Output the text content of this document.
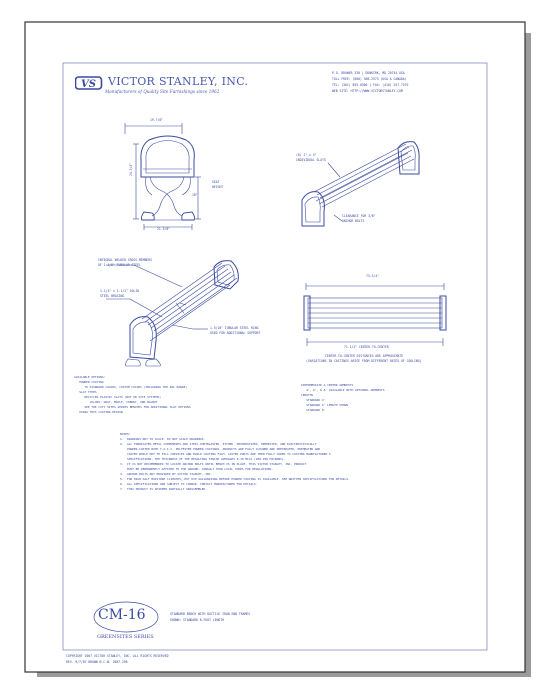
VS VICTOR STANLEY, INC.
Manufacturers of Quality Site Furnishings since 1962
P.O. DRAWER 330 | DUNKIRK, MD 20754 USA
TOLL FREE: (800) 368-2573 (USA & CANADA)
TEL: (301) 855-8300 | FAX: (410) 257-7579
WEB SITE: HTTP://WWW.VICTORSTANLEY.COM
19-7/8"
24-3/4"
18"
SEAT
HEIGHT
21-3/8"
(6) 2" x 3"
INDIVIDUAL SLATS
CLEARANCE FOR 3/8"
ANCHOR BOLTS
INTEGRAL WELDED CROSS-MEMBERS
OF 1-1/8" TUBULAR STEEL
1-1/4" x 1-1/2" SOLID
STEEL BRACING
1-5/16" TUBULAR STEEL RING
USED FOR ADDITIONAL SUPPORT
73-3/4"
71-1/2" CENTER-TO-CENTER
CENTER-TO-CENTER DISTANCES ARE APPROXIMATE
(VARIATIONS IN CASTINGS ARISE FROM DIFFERENT RATES OF COOLING)
AVAILABLE OPTIONS:
POWDER COATING
TO STANDARD COLORS, CUSTOM COLORS (INCLUDING THE RAL RANGE)
SLAT TYPES
RECYCLED PLASTIC SLATS (NOT ON SITE SYSTEMS)
COLORS: GRAY, MAPLE, CHERRY, AND WALNUT
SEE THE CITY SITES SERIES BENCHES FOR ADDITIONAL SLAT OPTIONS
USING THIS CASTING DESIGN
INTERMEDIATE & CENTER ARMRESTS
4', 6', & 8' AVAILABLE WITH OPTIONAL ARMRESTS
LENGTHS
STANDARD 4'
STANDARD 6' LENGTH SHOWN
STANDARD 8'
NOTES:
1.  DRAWINGS NOT TO SCALE. DO NOT SCALE DRAWINGS.
2.  ALL FABRICATED METAL COMPONENTS ARE STEEL SHOTBLASTED, ETCHED, PHOSPHATIZED, PREHEATED, AND ELECTROSTATICALLY
POWDER-COATED WITH T.G.I.C. POLYESTER POWDER COATINGS. PRODUCTS ARE FULLY CLEANED AND PRETREATED, PREHEATED AND
COATED WHILE HOT TO FILL CREVICES AND BUILD COATING FILM. CASTED PARTS ARE THEN FULLY CURED TO COATING MANUFACTURER'S
SPECIFICATIONS. THE THICKNESS OF THE RESULTING FINISH AVERAGES 8-10 MILS (200-250 MICRONS).
3.  IT IS NOT RECOMMENDED TO LOCATE ANCHOR BOLTS UNTIL BENCH IS IN PLACE. THIS VICTOR STANLEY, INC. PRODUCT
MUST BE PERMANENTLY AFFIXED TO THE GROUND. CONSULT YOUR LOCAL CODES FOR REGULATIONS.
4.  ANCHOR BOLTS NOT PROVIDED BY VICTOR STANLEY, INC.
5.  FOR HIGH SALT MOISTURE CLIMATES, HOT DIP GALVANIZING BEFORE POWDER COATING IS AVAILABLE. SEE WRITTEN SPECIFICATIONS FOR DETAILS.
6.  ALL SPECIFICATIONS ARE SUBJECT TO CHANGE. CONTACT MANUFACTURER FOR DETAILS.
7.  THIS PRODUCT IS SHIPPED PARTIALLY UNASSEMBLED.
CM-16
GREENSITES SERIES
STANDARD BENCH WITH DUCTILE IRON END FRAMES
SHOWN: STANDARD 6-FOOT LENGTH
COPYRIGHT 2007 VICTOR STANLEY, INC. ALL RIGHTS RESERVED
REV. 9/7/07 DRAWN N.C.W. 2007-298
